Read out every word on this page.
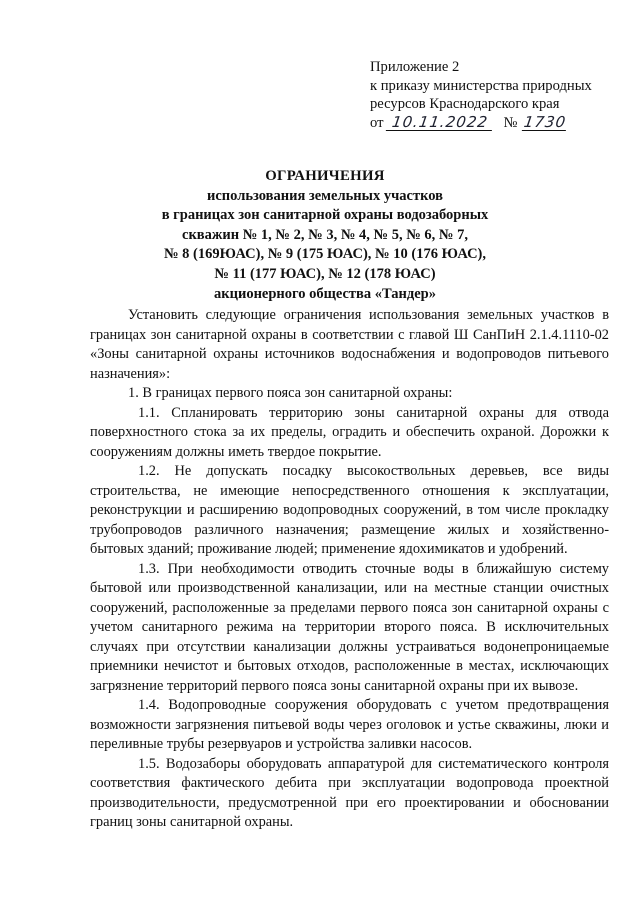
Приложение 2
к приказу министерства природных
ресурсов Краснодарского края
от 10.11.2022 № 1730
ОГРАНИЧЕНИЯ
использования земельных участков
в границах зон санитарной охраны водозаборных
скважин № 1, № 2, № 3, № 4, № 5, № 6, № 7,
№ 8 (169ЮАС), № 9 (175 ЮАС), № 10 (176 ЮАС),
№ 11 (177 ЮАС), № 12 (178 ЮАС)
акционерного общества «Тандер»

Установить следующие ограничения использования земельных участков в границах зон санитарной охраны в соответствии с главой Ш СанПиН 2.1.4.1110-02 «Зоны санитарной охраны источников водоснабжения и водопроводов питьевого назначения»:

1. В границах первого пояса зон санитарной охраны:

1.1. Спланировать территорию зоны санитарной охраны для отвода поверхностного стока за их пределы, оградить и обеспечить охраной. Дорожки к сооружениям должны иметь твердое покрытие.

1.2. Не допускать посадку высокоствольных деревьев, все виды строительства, не имеющие непосредственного отношения к эксплуатации, реконструкции и расширению водопроводных сооружений, в том числе прокладку трубопроводов различного назначения; размещение жилых и хозяйственно-бытовых зданий; проживание людей; применение ядохимикатов и удобрений.

1.3. При необходимости отводить сточные воды в ближайшую систему бытовой или производственной канализации, или на местные станции очистных сооружений, расположенные за пределами первого пояса зон санитарной охраны с учетом санитарного режима на территории второго пояса. В исключительных случаях при отсутствии канализации должны устраиваться водонепроницаемые приемники нечистот и бытовых отходов, расположенные в местах, исключающих загрязнение территорий первого пояса зоны санитарной охраны при их вывозе.

1.4. Водопроводные сооружения оборудовать с учетом предотвращения возможности загрязнения питьевой воды через оголовок и устье скважины, люки и переливные трубы резервуаров и устройства заливки насосов.

1.5. Водозаборы оборудовать аппаратурой для систематического контроля соответствия фактического дебита при эксплуатации водопровода проектной производительности, предусмотренной при его проектировании и обосновании границ зоны санитарной охраны.
